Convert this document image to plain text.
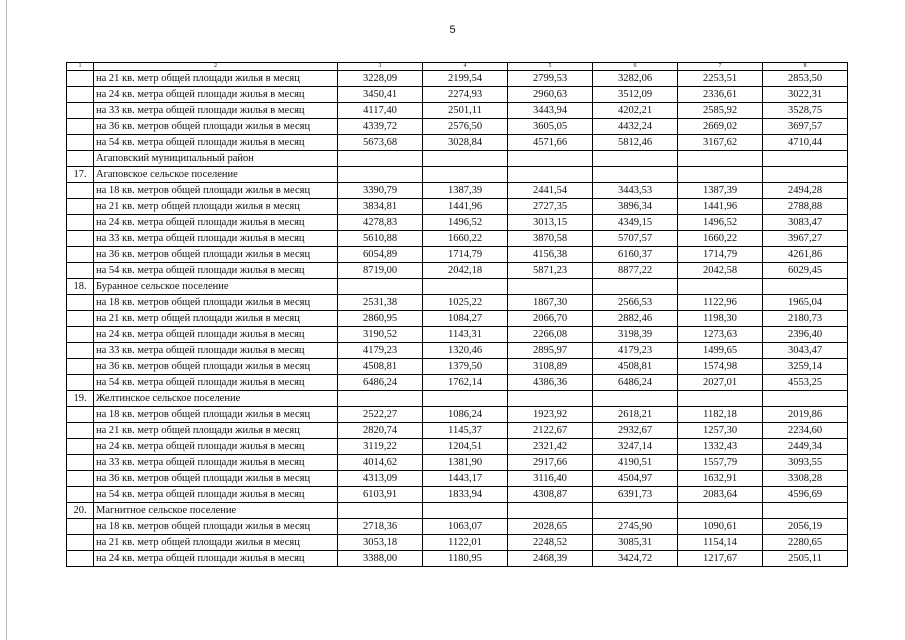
5
1	2	3	4	5	6	7	8
	на 21 кв. метр общей площади жилья в месяц	3228,09	2199,54	2799,53	3282,06	2253,51	2853,50
	на 24 кв. метра общей площади жилья в месяц	3450,41	2274,93	2960,63	3512,09	2336,61	3022,31
	на 33 кв. метра общей площади жилья в месяц	4117,40	2501,11	3443,94	4202,21	2585,92	3528,75
	на 36 кв. метров общей площади жилья в месяц	4339,72	2576,50	3605,05	4432,24	2669,02	3697,57
	на 54 кв. метра общей площади жилья в месяц	5673,68	3028,84	4571,66	5812,46	3167,62	4710,44
	Агаповский муниципальный район						
17.	Агаповское сельское поселение						
	на 18 кв. метров общей площади жилья в месяц	3390,79	1387,39	2441,54	3443,53	1387,39	2494,28
	на 21 кв. метр общей площади жилья в месяц	3834,81	1441,96	2727,35	3896,34	1441,96	2788,88
	на 24 кв. метра общей площади жилья в месяц	4278,83	1496,52	3013,15	4349,15	1496,52	3083,47
	на 33 кв. метра общей площади жилья в месяц	5610,88	1660,22	3870,58	5707,57	1660,22	3967,27
	на 36 кв. метров общей площади жилья в месяц	6054,89	1714,79	4156,38	6160,37	1714,79	4261,86
	на 54 кв. метра общей площади жилья в месяц	8719,00	2042,18	5871,23	8877,22	2042,58	6029,45
18.	Буранное сельское поселение						
	на 18 кв. метров общей площади жилья в месяц	2531,38	1025,22	1867,30	2566,53	1122,96	1965,04
	на 21 кв. метр общей площади жилья в месяц	2860,95	1084,27	2066,70	2882,46	1198,30	2180,73
	на 24 кв. метра общей площади жилья в месяц	3190,52	1143,31	2266,08	3198,39	1273,63	2396,40
	на 33 кв. метра общей площади жилья в месяц	4179,23	1320,46	2895,97	4179,23	1499,65	3043,47
	на 36 кв. метров общей площади жилья в месяц	4508,81	1379,50	3108,89	4508,81	1574,98	3259,14
	на 54 кв. метра общей площади жилья в месяц	6486,24	1762,14	4386,36	6486,24	2027,01	4553,25
19.	Желтинское сельское поселение						
	на 18 кв. метров общей площади жилья в месяц	2522,27	1086,24	1923,92	2618,21	1182,18	2019,86
	на 21 кв. метр общей площади жилья в месяц	2820,74	1145,37	2122,67	2932,67	1257,30	2234,60
	на 24 кв. метра общей площади жилья в месяц	3119,22	1204,51	2321,42	3247,14	1332,43	2449,34
	на 33 кв. метра общей площади жилья в месяц	4014,62	1381,90	2917,66	4190,51	1557,79	3093,55
	на 36 кв. метров общей площади жилья в месяц	4313,09	1443,17	3116,40	4504,97	1632,91	3308,28
	на 54 кв. метра общей площади жилья в месяц	6103,91	1833,94	4308,87	6391,73	2083,64	4596,69
20.	Магнитное сельское поселение						
	на 18 кв. метров общей площади жилья в месяц	2718,36	1063,07	2028,65	2745,90	1090,61	2056,19
	на 21 кв. метр общей площади жилья в месяц	3053,18	1122,01	2248,52	3085,31	1154,14	2280,65
	на 24 кв. метра общей площади жилья в месяц	3388,00	1180,95	2468,39	3424,72	1217,67	2505,11
